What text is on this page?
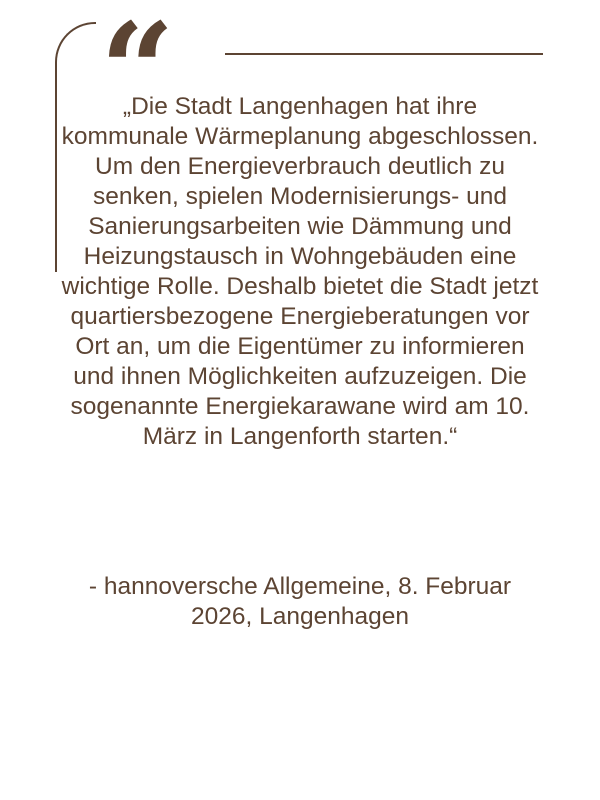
“
„Die Stadt Langenhagen hat ihre kommunale Wärmeplanung abgeschlossen. Um den Energieverbrauch deutlich zu senken, spielen Modernisierungs- und Sanierungsarbeiten wie Dämmung und Heizungstausch in Wohngebäuden eine wichtige Rolle. Deshalb bietet die Stadt jetzt quartiersbezogene Energieberatungen vor Ort an, um die Eigentümer zu informieren und ihnen Möglichkeiten aufzuzeigen. Die sogenannte Energiekarawane wird am 10. März in Langenforth starten.“
- hannoversche Allgemeine, 8. Februar 2026, Langenhagen
